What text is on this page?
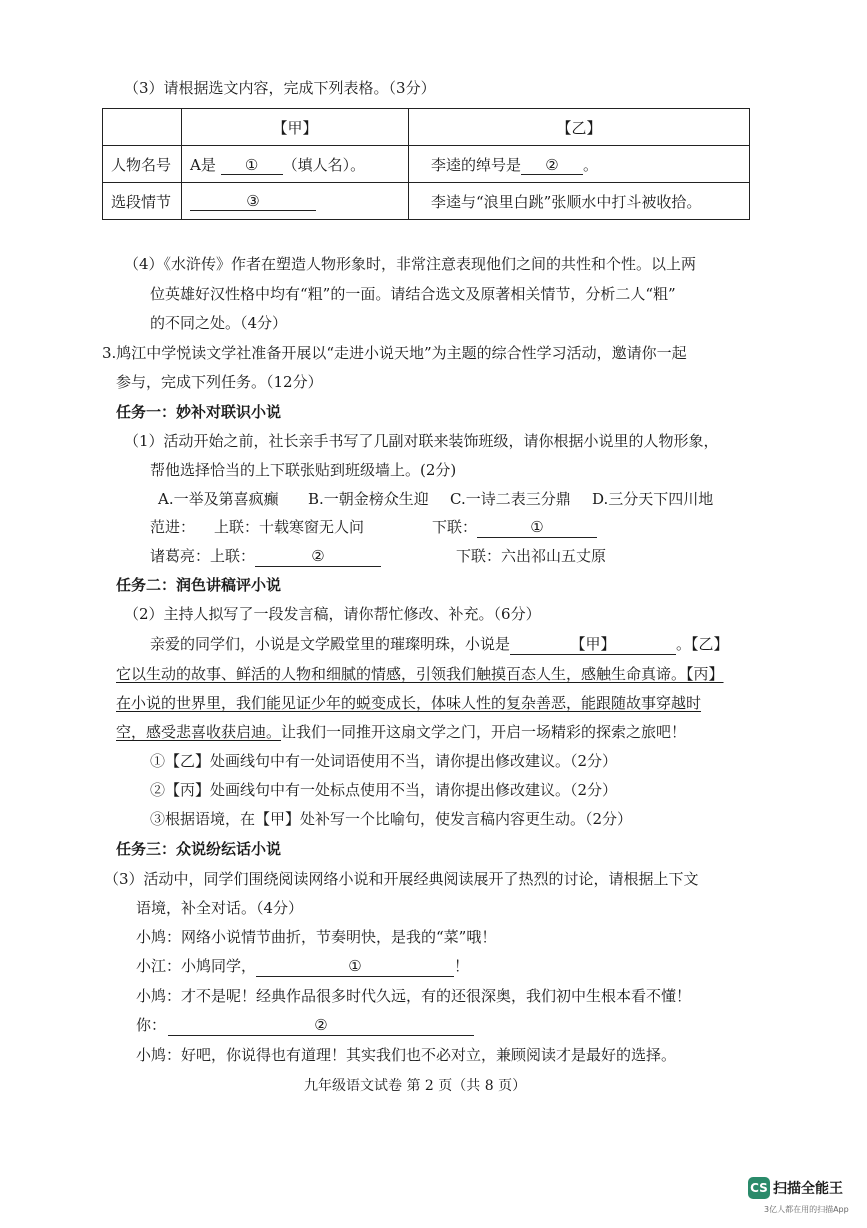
（3）请根据选文内容，完成下列表格。（3分）
	【甲】	【乙】
人物名号	A是 ① （填人名）。	李逵的绰号是 ② 。
选段情节	③	李逵与“浪里白跳”张顺水中打斗被收拾。
（4）《水浒传》作者在塑造人物形象时，非常注意表现他们之间的共性和个性。以上两
位英雄好汉性格中均有“粗”的一面。请结合选文及原著相关情节，分析二人“粗”
的不同之处。（4分）
3.鸠江中学悦读文学社准备开展以“走进小说天地”为主题的综合性学习活动，邀请你一起
参与，完成下列任务。（12分）
任务一：妙补对联识小说
（1）活动开始之前，社长亲手书写了几副对联来装饰班级，请你根据小说里的人物形象，
帮他选择恰当的上下联张贴到班级墙上。(2分)
A.一举及第喜疯癫 B.一朝金榜众生迎 C.一诗二表三分鼎 D.三分天下四川地
范进： 上联：十载寒窗无人问	下联：	①
诸葛亮：上联：	②	下联：六出祁山五丈原
任务二：润色讲稿评小说
（2）主持人拟写了一段发言稿，请你帮忙修改、补充。（6分）
亲爱的同学们，小说是文学殿堂里的璀璨明珠，小说是	【甲】	。【乙】
它以生动的故事、鲜活的人物和细腻的情感，引领我们触摸百态人生，感触生命真谛。【丙】
在小说的世界里，我们能见证少年的蜕变成长，体味人性的复杂善恶，能跟随故事穿越时
空，感受悲喜收获启迪。让我们一同推开这扇文学之门，开启一场精彩的探索之旅吧！
①【乙】处画线句中有一处词语使用不当，请你提出修改建议。（2分）
②【丙】处画线句中有一处标点使用不当，请你提出修改建议。（2分）
③根据语境，在【甲】处补写一个比喻句，使发言稿内容更生动。（2分）
任务三：众说纷纭话小说
（3）活动中，同学们围绕阅读网络小说和开展经典阅读展开了热烈的讨论，请根据上下文
语境，补全对话。（4分）
小鸠：网络小说情节曲折，节奏明快，是我的“菜”哦！
小江：小鸠同学，	①	！
小鸠：才不是呢！经典作品很多时代久远，有的还很深奥，我们初中生根本看不懂！
你：	②
小鸠：好吧，你说得也有道理！其实我们也不必对立，兼顾阅读才是最好的选择。
九年级语文试卷 第 2 页（共 8 页）
CS 扫描全能王
3亿人都在用的扫描App
